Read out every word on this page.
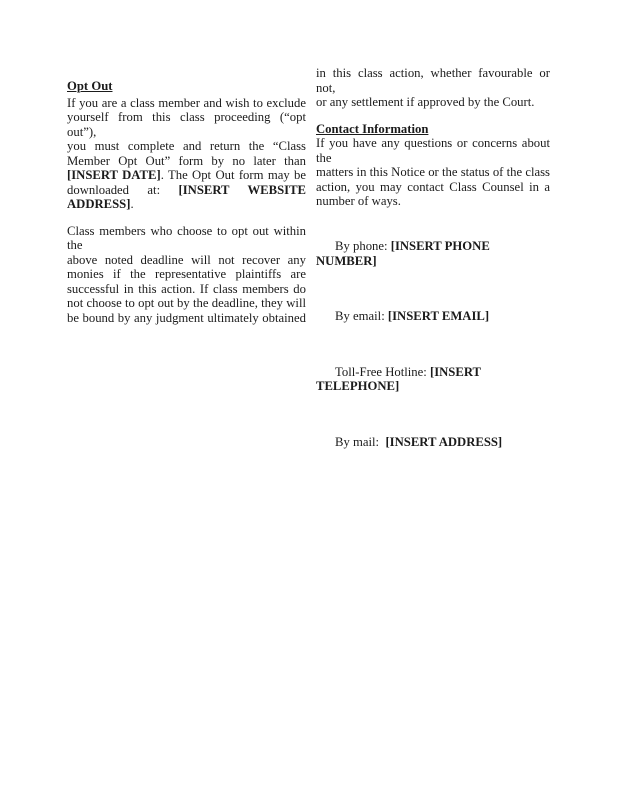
Opt Out
If you are a class member and wish to exclude
yourself from this class proceeding (“opt out”),
you must complete and return the “Class
Member Opt Out” form by no later than
[INSERT DATE]. The Opt Out form may be
downloaded at: [INSERT WEBSITE
ADDRESS].
Class members who choose to opt out within the
above noted deadline will not recover any
monies if the representative plaintiffs are
successful in this action. If class members do
not choose to opt out by the deadline, they will
be bound by any judgment ultimately obtained
in this class action, whether favourable or not,
or any settlement if approved by the Court.
Contact Information
If you have any questions or concerns about the
matters in this Notice or the status of the class
action, you may contact Class Counsel in a
number of ways.

By phone: [INSERT PHONE NUMBER]

By email: [INSERT EMAIL]

Toll-Free Hotline: [INSERT TELEPHONE]

By mail:  [INSERT ADDRESS]
